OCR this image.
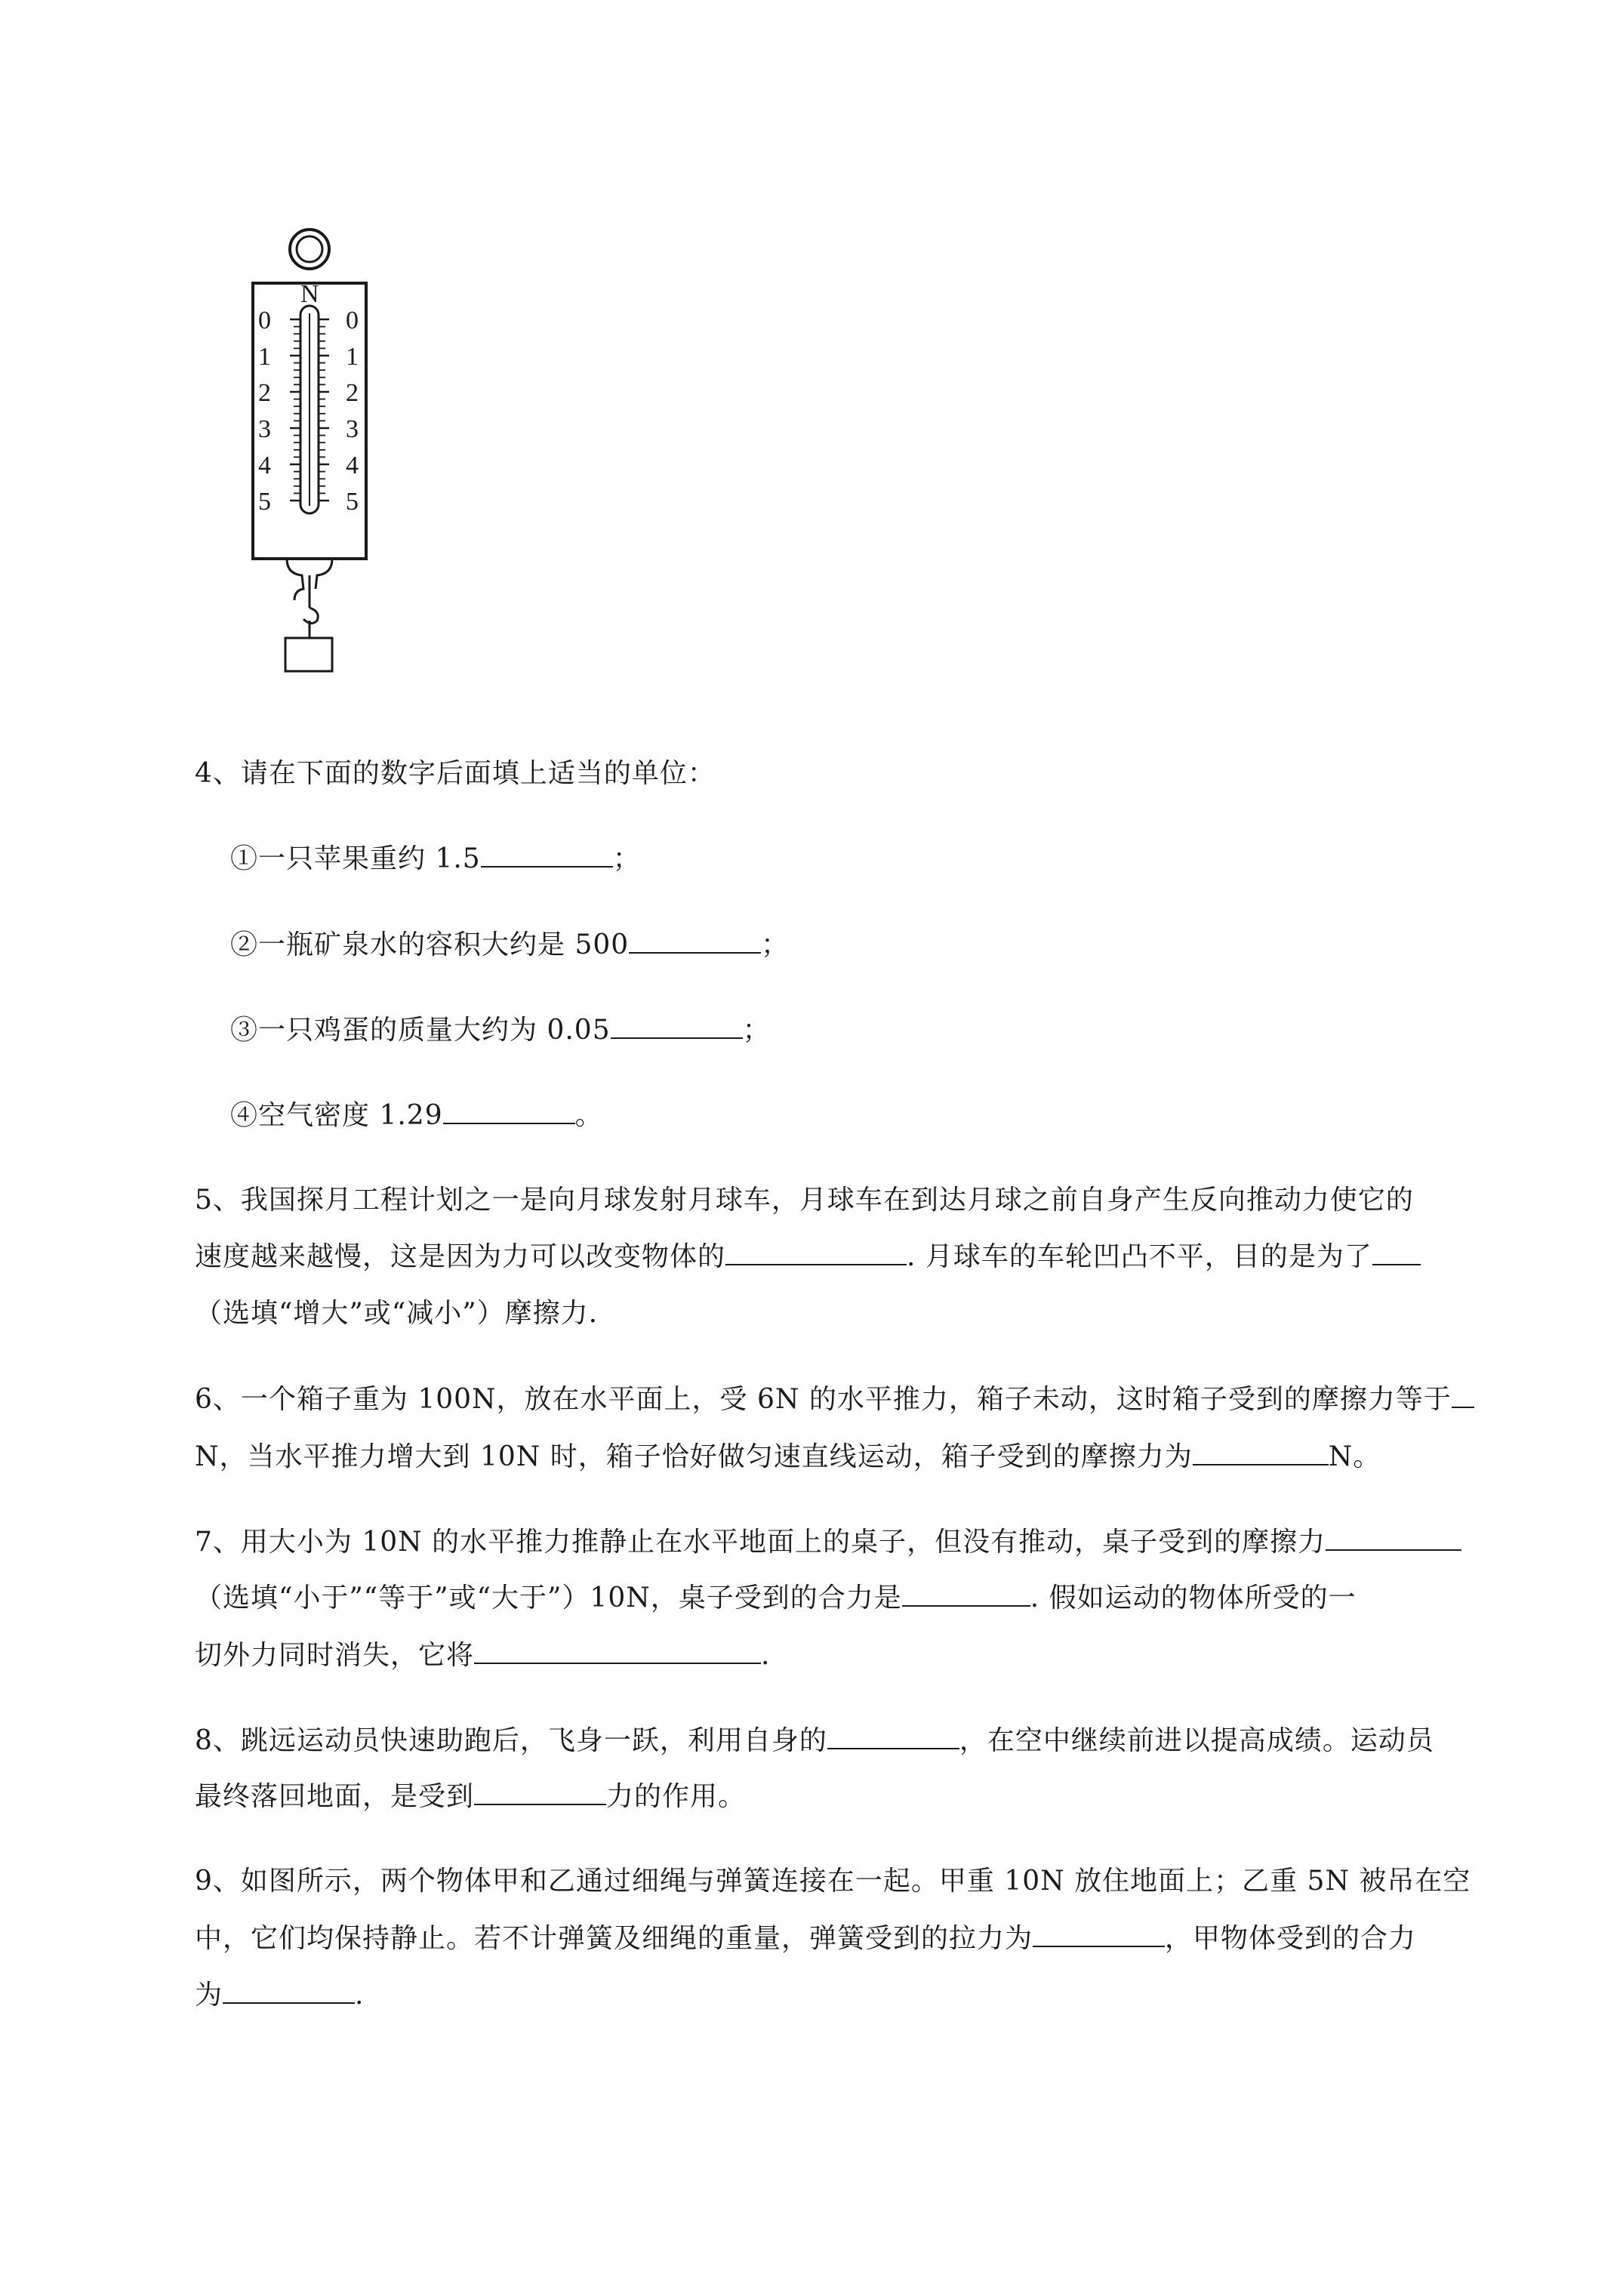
N
0
1
2
3
4
5
0
1
2
3
4
5
4、请在下面的数字后面填上适当的单位：
①一只苹果重约 1.5	；
②一瓶矿泉水的容积大约是 500	；
③一只鸡蛋的质量大约为 0.05	；
④空气密度 1.29	。
5、我国探月工程计划之一是向月球发射月球车，月球车在到达月球之前自身产生反向推动力使它的
速度越来越慢，这是因为力可以改变物体的	. 月球车的车轮凹凸不平，目的是为了
（选填“增大”或“减小”）摩擦力.
6、一个箱子重为 100N，放在水平面上，受 6N 的水平推力，箱子未动，这时箱子受到的摩擦力等于
N，当水平推力增大到 10N 时，箱子恰好做匀速直线运动，箱子受到的摩擦力为	N。
7、用大小为 10N 的水平推力推静止在水平地面上的桌子，但没有推动，桌子受到的摩擦力
（选填“小于”“等于”或“大于”）10N，桌子受到的合力是	. 假如运动的物体所受的一
切外力同时消失，它将	.
8、跳远运动员快速助跑后，飞身一跃，利用自身的	，在空中继续前进以提高成绩。运动员
最终落回地面，是受到	力的作用。
9、如图所示，两个物体甲和乙通过细绳与弹簧连接在一起。甲重 10N 放住地面上；乙重 5N 被吊在空
中，它们均保持静止。若不计弹簧及细绳的重量，弹簧受到的拉力为	，甲物体受到的合力
为	.
